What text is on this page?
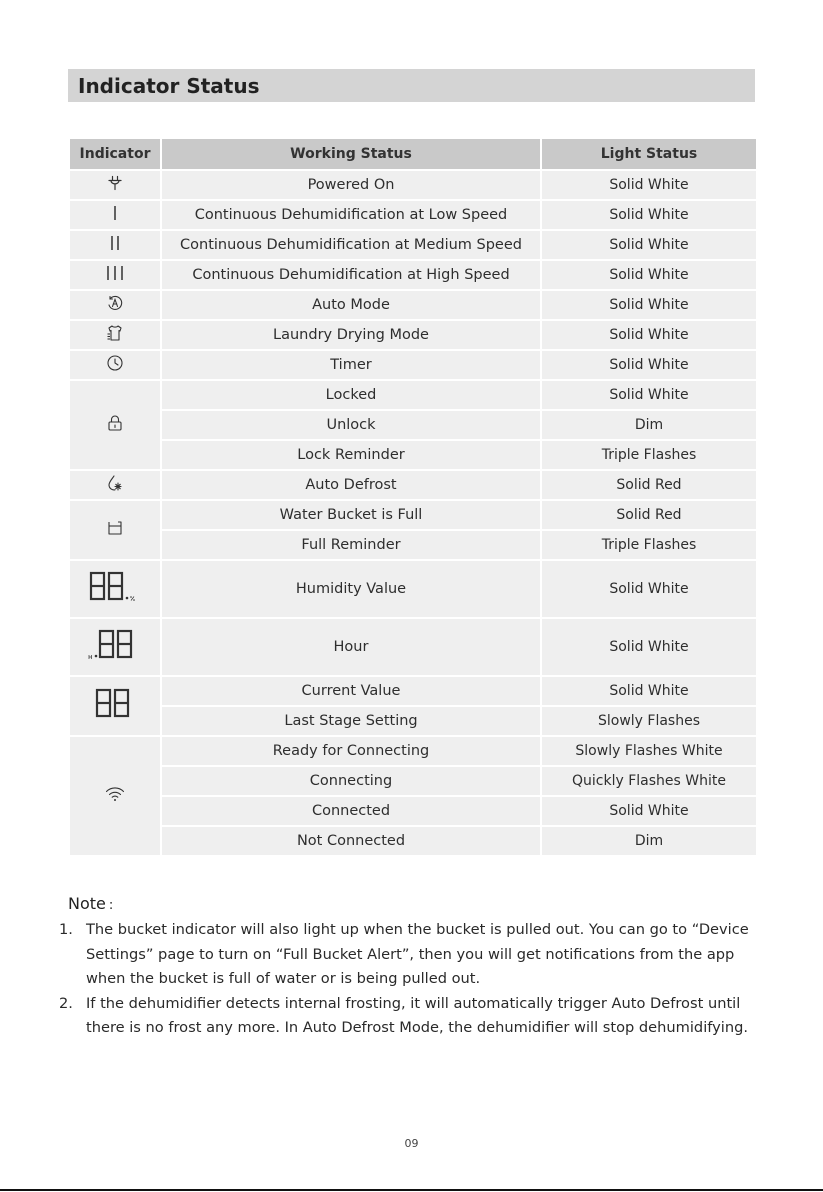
Indicator Status
Indicator	Working Status	Light Status

	Powered On	Solid White

	Continuous Dehumidification at Low Speed	Solid White

	Continuous Dehumidification at Medium Speed	Solid White

	Continuous Dehumidification at High Speed	Solid White

	Auto Mode	Solid White

	Laundry Drying Mode	Solid White

	Timer	Solid White

	Locked	Solid White
	Unlock	Dim
	Lock Reminder	Triple Flashes

	Auto Defrost	Solid Red

	Water Bucket is Full	Solid Red
	Full Reminder	Triple Flashes

	Humidity Value	Solid White

	Hour	Solid White

	Current Value	Solid White
	Last Stage Setting	Slowly Flashes

	Ready for Connecting	Slowly Flashes White
	Connecting	Quickly Flashes White
	Connected	Solid White
	Not Connected	Dim
Note :
1. The bucket indicator will also light up when the bucket is pulled out. You can go to “Device Settings” page to turn on “Full Bucket Alert”, then you will get notifications from the app when the bucket is full of water or is being pulled out.
2. If the dehumidifier detects internal frosting, it will automatically trigger Auto Defrost until there is no frost any more. In Auto Defrost Mode, the dehumidifier will stop dehumidifying.
09
